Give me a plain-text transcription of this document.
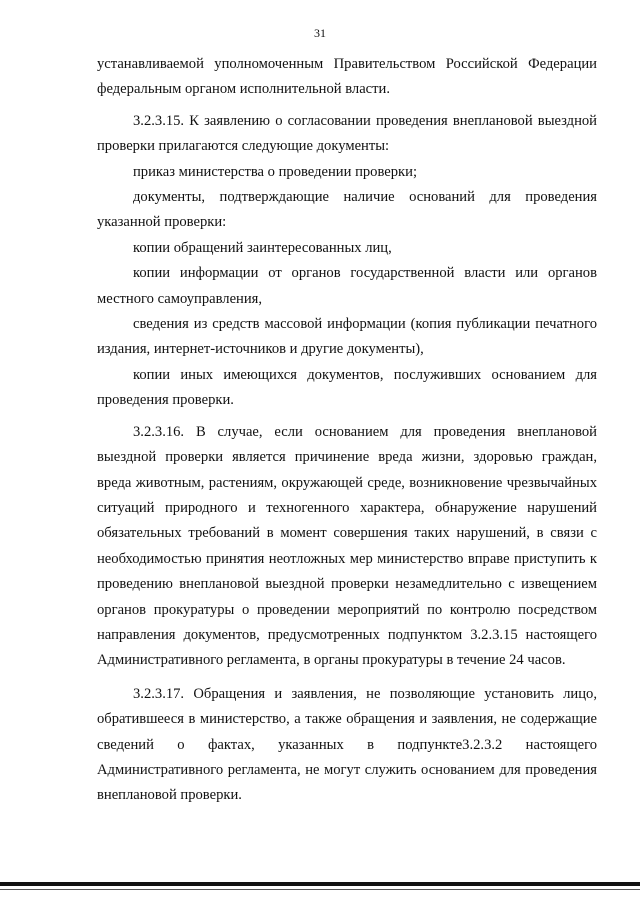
31

устанавливаемой уполномоченным Правительством Российской Федерации федеральным органом исполнительной власти.

3.2.3.15. К заявлению о согласовании проведения внеплановой выездной проверки прилагаются следующие документы:

приказ министерства о проведении проверки;

документы, подтверждающие наличие оснований для проведения указанной проверки:

копии обращений заинтересованных лиц,

копии информации от органов государственной власти или органов местного самоуправления,

сведения из средств массовой информации (копия публикации печатного издания, интернет-источников и другие документы),

копии иных имеющихся документов, послуживших основанием для проведения проверки.

3.2.3.16. В случае, если основанием для проведения внеплановой выездной проверки является причинение вреда жизни, здоровью граждан, вреда животным, растениям, окружающей среде, возникновение чрезвычайных ситуаций природного и техногенного характера, обнаружение нарушений обязательных требований в момент совершения таких нарушений, в связи с необходимостью принятия неотложных мер министерство вправе приступить к проведению внеплановой выездной проверки незамедлительно с извещением органов прокуратуры о проведении мероприятий по контролю посредством направления документов, предусмотренных подпунктом 3.2.3.15 настоящего Административного регламента, в органы прокуратуры в течение 24 часов.

3.2.3.17. Обращения и заявления, не позволяющие установить лицо, обратившееся в министерство, а также обращения и заявления, не содержащие сведений о фактах, указанных в подпункте3.2.3.2 настоящего Административного регламента, не могут служить основанием для проведения внеплановой проверки.
